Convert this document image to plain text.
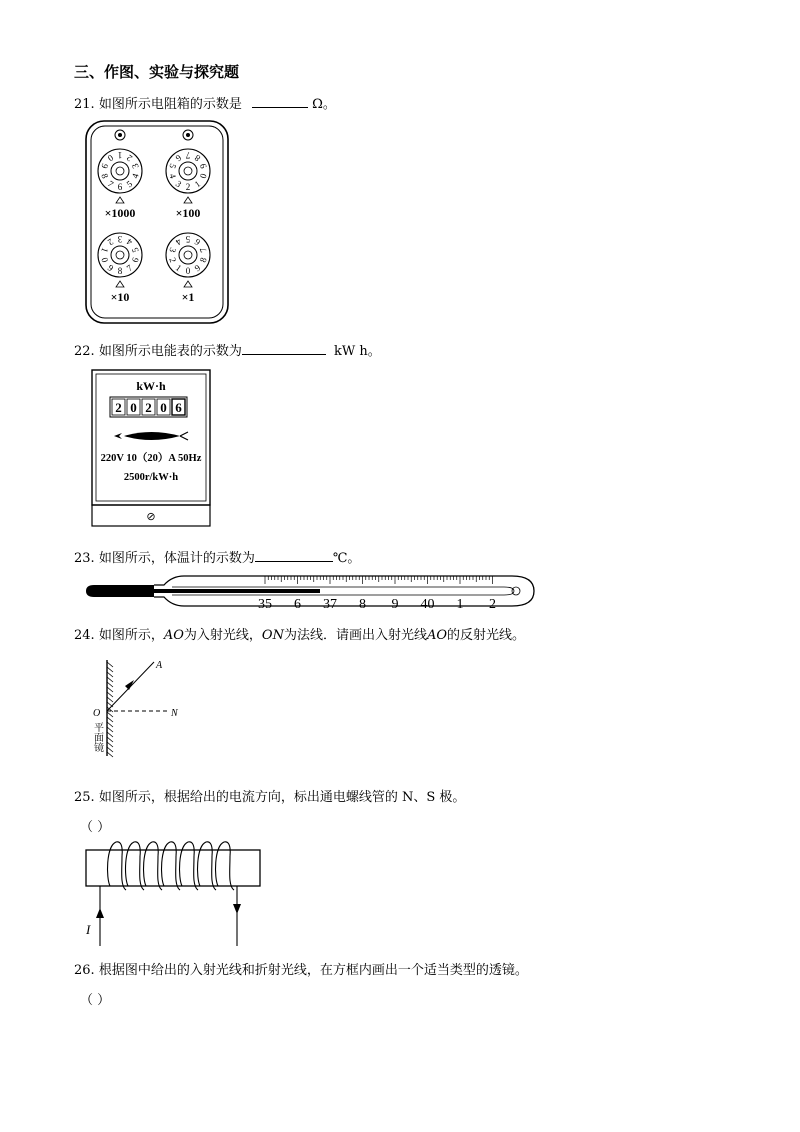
三、作图、实验与探究题
21. 如图所示电阻箱的示数是	Ω。
6
7
8
9
0 1 2
3
4
5
×1000
2
3
4
5
6 7 8
9
0
1
×100
8
9
0
1
2 3 4
5
6
7
×10
0
1
2
3
4 5 6
7
8
9
×1
22. 如图所示电能表的示数为	kW h。
kW·h
2 0 2 0 6
220V 10（20）A 50Hz
2500r/kW·h
⊘
23. 如图所示，体温计的示数为	℃。
35 6 37 8 9 40 1 2
24. 如图所示，AO为入射光线，ON为法线．请画出入射光线AO的反射光线。
A
O	N
平面镜
25. 如图所示，根据给出的电流方向，标出通电螺线管的 N、S 极。
（ ）
I
26. 根据图中给出的入射光线和折射光线，在方框内画出一个适当类型的透镜。
（ ）
